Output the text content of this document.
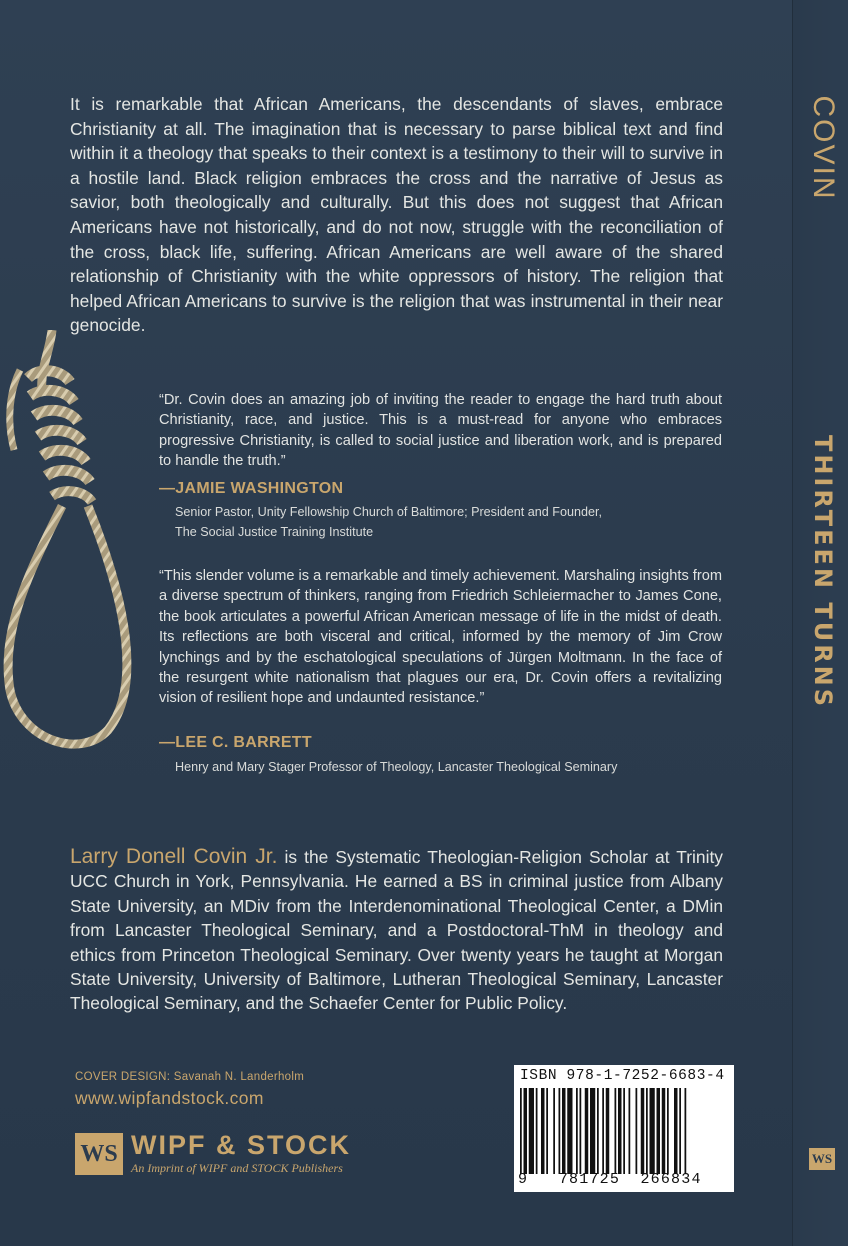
It is remarkable that African Americans, the descendants of slaves, embrace Christianity at all. The imagination that is necessary to parse biblical text and find within it a theology that speaks to their context is a testimony to their will to survive in a hostile land. Black religion embraces the cross and the narrative of Jesus as savior, both theologically and culturally. But this does not suggest that African Americans have not historically, and do not now, struggle with the reconciliation of the cross, black life, suffering. African Americans are well aware of the shared relationship of Christianity with the white oppressors of history. The religion that helped African Americans to survive is the religion that was instrumental in their near genocide.

“Dr. Covin does an amazing job of inviting the reader to engage the hard truth about Christianity, race, and justice. This is a must-read for anyone who embraces progressive Christianity, is called to social justice and liberation work, and is prepared to handle the truth.”

—JAMIE WASHINGTON
Senior Pastor, Unity Fellowship Church of Baltimore; President and Founder,
The Social Justice Training Institute

“This slender volume is a remarkable and timely achievement. Marshaling insights from a diverse spectrum of thinkers, ranging from Friedrich Schleiermacher to James Cone, the book articulates a powerful African American message of life in the midst of death. Its reflections are both visceral and critical, informed by the memory of Jim Crow lynchings and by the eschatological speculations of Jürgen Moltmann. In the face of the resurgent white nationalism that plagues our era, Dr. Covin offers a revitalizing vision of resilient hope and undaunted resistance.”

—LEE C. BARRETT
Henry and Mary Stager Professor of Theology, Lancaster Theological Seminary

Larry Donell Covin Jr. is the Systematic Theologian-Religion Scholar at Trinity UCC Church in York, Pennsylvania. He earned a BS in criminal justice from Albany State University, an MDiv from the Interdenominational Theological Center, a DMin from Lancaster Theological Seminary, and a Postdoctoral-ThM in theology and ethics from Princeton Theological Seminary. Over twenty years he taught at Morgan State University, University of Baltimore, Lutheran Theological Seminary, Lancaster Theological Seminary, and the Schaefer Center for Public Policy.

COVER DESIGN: Savanah N. Landerholm
www.wipfandstock.com
WS WIPF & STOCK
An Imprint of WIPF and STOCK Publishers
ISBN 978-1-7252-6683-4
9 781725 266834
COVIN
THIRTEEN TURNS
WS
